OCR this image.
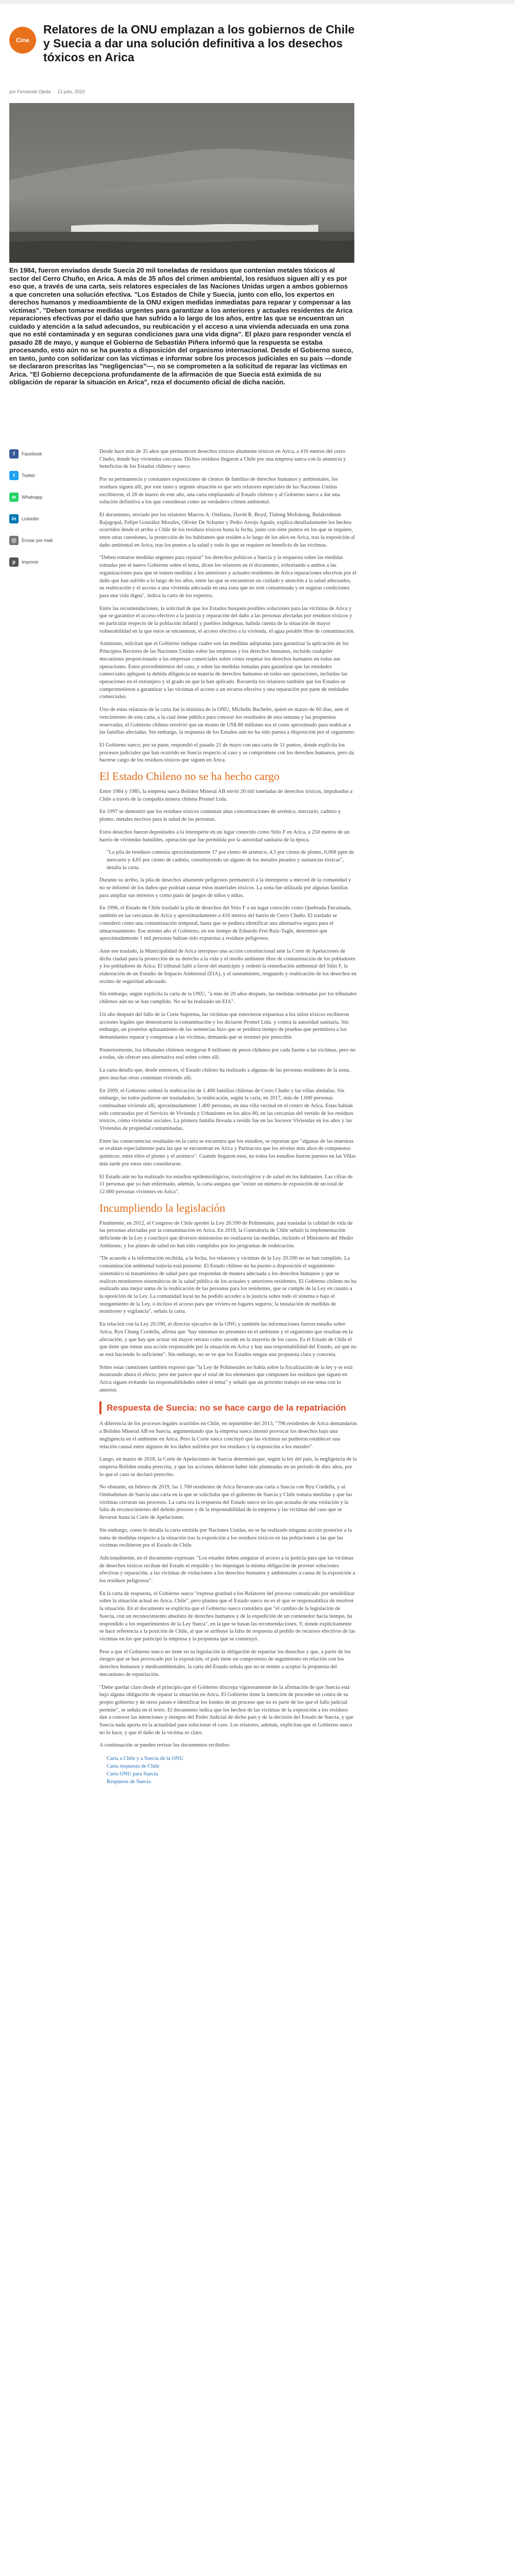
Cine
Relatores de la ONU emplazan a los gobiernos de Chile y Suecia a dar una solución definitiva a los desechos tóxicos en Arica
por Fernanda Ojeda 13 julio, 2020

En 1984, fueron enviados desde Suecia 20 mil toneladas de residuos que contenían metales tóxicos al sector del Cerro Chuño, en Arica. A más de 35 años del crimen ambiental, los residuos siguen allí y es por eso que, a través de una carta, seis relatores especiales de las Naciones Unidas urgen a ambos gobiernos a que concreten una solución efectiva. "Los Estados de Chile y Suecia, junto con ello, los expertos en derechos humanos y medioambiente de la ONU exigen medidas inmediatas para reparar y compensar a las víctimas". "Deben tomarse medidas urgentes para garantizar a los anteriores y actuales residentes de Arica reparaciones efectivas por el daño que han sufrido a lo largo de los años, entre las que se encuentran un cuidado y atención a la salud adecuados, su reubicación y el acceso a una vivienda adecuada en una zona que no esté contaminada y en seguras condiciones para una vida digna". El plazo para responder vencía el pasado 28 de mayo, y aunque el Gobierno de Sebastián Piñera informó que la respuesta se estaba procesando, esto aún no se ha puesto a disposición del organismo internacional. Desde el Gobierno sueco, en tanto, junto con solidarizar con las víctimas e informar sobre los procesos judiciales en su país —donde se declararon prescritas las "negligencias"—, no se comprometen a la solicitud de reparar las víctimas en Arica. "El Gobierno decepciona profundamente de la afirmación de que Suecia está eximida de su obligación de reparar la situación en Arica", reza el documento oficial de dicha nación.

f	Facebook
t	Twitter
w	Whatsapp
in	Linkedin
@	Enviar por mail
p	Imprimir

Desde hace más de 35 años que permanecen desechos tóxicos altamente tóxicos en Arica, a 416 metros del cerro Chuño, donde hay viviendas cercanas. Dichos residuos llegaron a Chile por una empresa sueca con la anuencia y beneficios de los Estados chileno y sueco.

Por su permanencia y constantes exposiciones de cientos de familias de derechos humanos y ambientales, los residuos siguen allí, por este tanto y urgente situación es que seis relatores especiales de las Naciones Unidas escribieron, el 28 de marzo de este año, una carta emplazando al Estado chileno y al Gobierno sueco a dar una solución definitiva a los que consideran como un verdadero crimen ambiental.

El documento, enviado por los relatores Marcos A. Orellana, David R. Boyd, Tlaleng Mofokeng, Balakrishnan Rajagopal, Felipe González Morales, Olivier De Schutter y Pedro Arrojo Agudo, explica detalladamente los hechos ocurridos desde el arribo a Chile de los residuos tóxicos hasta la fecha, junto con siete puntos en los que se requiere, entre otras cuestiones, la protección de los habitantes que residen a lo largo de los años en Arica, tras la exposición al daño ambiental en Arica, tras los puntos a la salud y todo lo que se requiere en beneficio de las víctimas.

"Deben tomarse medidas urgentes para reparar" los derechos políticos a Suecia y la respuesta sobre las medidas tomadas por el nuevo Gobierno sobre el tema, dicen los relatores en el documento, exhortando a ambos a las organizaciones para que se tomen medidas a los anteriores y actuales residentes de Arica reparaciones efectivas por el daño que han sufrido a lo largo de los años, entre las que se encuentran un cuidado y atención a la salud adecuados, su reubicación y el acceso a una vivienda adecuada en una zona que no esté contaminada y en seguras condiciones para una vida digna", indica la carta de los expertos.

Entre las recomendaciones, la solicitud de que los Estados busquen posibles soluciones para las víctimas de Arica y que se garantice el acceso efectivo a la justicia y reparación del daño a las personas afectadas por residuos tóxicos y en particular respecto de la población infantil y pueblos indígenas, habida cuenta de la situación de mayor vulnerabilidad en la que éstos se encuentran, el acceso efectivo a la vivienda, el agua potable libre de contaminación.

Asimismo, solicitan que el Gobierno indique cuáles son las medidas adoptadas para garantizar la aplicación de los Principios Rectores de las Naciones Unidas sobre las empresas y los derechos humanos, incluido cualquier mecanismo proporcionado a las empresas comerciales sobre cómo respetar los derechos humanos en todas sus operaciones. Estos procedimientos del caso, y sobre las medidas tomadas para garantizar que las entidades comerciales apliquen la debida diligencia en materia de derechos humanos en todas sus operaciones, incluidas las operaciones en el extranjero y el grado en que la han aplicado. Recuerda los relatores también que los Estados se comprometieron a garantizar a las víctimas el acceso a un recurso efectivo y una reparación por parte de entidades comerciales.

Uno de estas relatoras de la carta fue la ministra de la ONU, Michelle Bachelet, quien en marzo de 60 días, ante el vencimiento de esta carta, a la cual tiene pública para conocer los resultados de esta semana y las propuestas reservadas, el Gobierno chileno resolvió que un monto de US$ 80 millones era el costo aproximado para reubicar a las familias afectadas. Sin embargo, la respuesta de los Estados aún no ha sido puesta a disposición por el organismo.

El Gobierno sueco, por su parte, respondió el pasado 21 de mayo con una carta de 11 puntos, donde explicita los procesos judiciales que han ocurrido en Suecia respecto al caso y se compromete con los derechos humanos, pero da hacerse cargo de los residuos tóxicos que siguen en Arica.

El Estado Chileno no se ha hecho cargo

Entre 1984 y 1985, la empresa sueca Boliden Mineral AB envió 20 mil toneladas de desechos tóxicos, impulsados a Chile a través de la compañía minera chilena Promel Ltda.

En 1997 se demostró que los residuos tóxicos contenían altas concentraciones de arsénico, mercurio, cadmio y plomo, metales nocivos para la salud de las personas.

Estos desechos fueron depositados a la intemperie en un lugar conocido como Sitio F en Arica, a 250 metros de un barrio de viviendas humildes, operación que fue permitida por la autoridad sanitaria de la época.

"La pila de residuos contenía aproximadamente 17 por ciento de arsénico, 4,5 por ciento de plomo, 0,068 ppm de mercurio y 4,65 por ciento de cadmio, constituyendo un alguno de los metales pesados y sustancias tóxicas", detalla la carta.

Durante su arribo, la pila de desechos altamente peligrosos permaneció a la intemperie a merced de la comunidad y no se informó de los daños que podrían causar estos materiales tóxicos. La zona fue utilizada por algunas familias para ampliar sus terrenos y como patio de juegos de niños y niñas.

En 1996, el Estado de Chile trasladó la pila de desechos del Sitio F a un lugar conocido como Quebrada Encantada, también en las cercanías de Arica y aproximadamente a 416 metros del barrio de Cerro Chuño. El traslado se consideró como una contaminación temporal, hasta que se pudiera identificar una alternativa segura para el almacenamiento. Ese mismo año el Gobierno, en ese tiempo de Eduardo Frei Ruiz-Tagle, determinó que aproximadamente 1 mil personas habían sido expuestas a residuos peligrosos.

Ante ese traslado, la Municipalidad de Arica interpuso una acción constitucional ante la Corte de Apelaciones de dicha ciudad para la protección de su derecho a la vida y el medio ambiente libre de contaminación de los pobladores y los pobladores de Arica. El tribunal falló a favor del municipio y ordenó la remediación ambiental del Sitio F, la elaboración de un Estudio de Impacto Ambiental (EIA), y el saneamiento, resguardo y reubicación de los desechos en recinto de seguridad adecuado.

Sin embargo, según explicita la carta de la ONU, "a más de 20 años después, las medidas ordenadas por los tribunales chilenos aún no se han cumplido. No se ha realizado un EIA".

Un año después del fallo de la Corte Suprema, las víctimas que estuvieron expuestas a los sitios tóxicos recibieron acciones legales que demostraron la contaminación y los dictaron Promel Ltda. y contra la autoridad sanitaria. Sin embargo, un posterior aplazamiento de las sentencias hizo que se perdiera tiempo de pruebas que permitiera a los demandantes reparar y compensar a las víctimas, demanda que se terminó por prescribir.

Posteriormente, los tribunales chilenos otorgaron 8 millones de pesos chilenos por cada fuente a las víctimas, pero no a todas, sin ofrecer una alternativa real sobre cómo allí.

La carta detalla que, desde entonces, el Estado chileno ha realizado a algunas de las personas residentes de la zona, pero muchas otras continúan viviendo allí.

En 2009, el Gobierno ordenó la reubicación de 1.400 familias chilenas de Cerro Chuño y las villas aledañas. Sin embargo, no todos pudieron ser trasladados; la reubicación, según la carta, en 2017, más de 1.000 personas continuaban viviendo allí, aproximadamente 1.400 personas, en una villa vecinal en el centro de Arica. Estas habían sido contratadas por el Servicio de Vivienda y Urbanismo en los años 80, en las cercanías del vertido de los residuos tóxicos, cómo viviendas sociales. La primera familia llevada a residir fue en las Sucesor Viviendas en los años y las Viviendas de propiedad contaminadas.

Entre las consecuencias resaltadas en la carta se encuentra que los estudios, se reportan que "algunas de las muestras se evalúan especialmente para las que se encuentran en Arica y Parinacota que los niveles más altos de compuestos químicos, entre ellos el plomo y el arsénico". Cuando llegaron esos, no todos los estudios fueron puestos en las Villas más tarde por estos sino considerarse.

El Estado aún no ha realizado los estudios epidemiológicos, toxicológicos y de salud en los habitantes. Las cifras de 11 personas que ya han enfermado, además, la carta asegura que "existe un número de exposición de un total de 12.000 personas vivientes en Arica".

Incumpliendo la legislación

Finalmente, en 2012, el Congreso de Chile aprobó la Ley 20.590 de Polimetales, para trasladar la calidad de vida de las personas afectadas por la contaminación en Arica. En 2018, la Contraloría de Chile señaló la implementación deficiente de la Ley y concluyó que diversos ministerios no realizaron las medidas, incluido el Ministerio del Medio Ambiente, y los planes de salud no han sido cumplidos por los programas de reubicación.

"De acuerdo a la información recibida, a la fecha, los relatores y víctimas de la Ley 20.590 no se han cumplido. La contaminación ambiental todavía está presente. El Estado chileno no ha puesto a disposición el seguimiento sistemático ni tratamientos de salud para que respondan de manera adecuada a los derechos humanos y que se realicen monitoreos sistemáticos de la salud pública de los actuales y anteriores residentes. El Gobierno chileno no ha realizado una mejor suma de la reubicación de las personas para los residentes, que se cumple de la Ley en cuanto a la oposición de la Ley. La comunidad local no ha podido acceder a la justicia sobre todo el sistema o bajo el otorgamiento de la Ley, o incluso el acceso para que viviera en lugares seguros; la instalación de medidas de monitoreo y vigilancia", señala la carta.

En relación con la Ley 20.590, el director ejecutivo de la ONG y también las informaciones fueron estudio sobre Arica, Ryu Chung Cordella, afirma que "hay síntomas no presentes en el ambiente y el organismo que resultan en la afectación, y que hay que actuar sin mayor retraso como sucede en la mayoría de los casos. Es el Estado de Chile el que tiene que tomar una acción responsable por la situación en Arica y hay una responsabilidad del Estado, así que no se está haciendo lo suficiente". Sin embargo, no se ve que los Estados tengan una propuesta clara y concreta.

Sobre estas cuestiones también expresó que "la Ley de Polimetales no habla sobre la fiscalización de la ley y se está mostrando ahora el efecto, pero me parece que el total de los elementos que componen los residuos que siguen en Arica siguen evitando las responsabilidades sobre el tema" y señaló que un próximo trabajo en ese tema con lo anterior.

Respuesta de Suecia: no se hace cargo de la repatriación

A diferencia de los procesos legales ocurridos en Chile, en septiembre del 2013, "796 residentes de Arica demandaron a Boliden Mineral AB en Suecia, argumentando que la empresa sueca intentó provocar los desechos bajo una negligencia en el ambiente en Arica. Pero la Corte sueca concluyó que las víctimas no pudieron establecer una relación causal entre algunos de los daños sufridos por los residuos y la exposición a los metales".

Luego, en marzo de 2018, la Corte de Apelaciones de Suecia determinó que, según la ley del país, la negligencia de la empresa Boliden estaba prescrita, y que las acciones debieron haber sido planteadas en un período de diez años, por lo que el caso se declaró prescrito.

No obstante, en febrero de 2019, las 1.700 residentes de Arica llevaron una carta a Suecia con Ryu Cordella, y al Ombudsman de Suecia una carta en la que se solicitaba que el gobierno de Suecia y Chile tomara medidas y que las víctimas cerraran sus procesos. La carta era la respuesta del Estado sueco en los que acusaba de una violación y la falta de reconocimiento del debido proceso y de la responsabilidad de la empresa y las víctimas del caso que se llevaron hasta la Corte de Apelaciones.

Sin embargo, como lo detalla la carta emitida por Naciones Unidas, no se ha realizado ninguna acción posterior a la toma de medidas respecto a la situación tras la exposición a los residuos tóxicos en las poblaciones a las que las víctimas recibieron por el Estado de Chile.

Adicionalmente, en el documento expresan: "Los estados deben asegurar el acceso a la justicia para que las víctimas de desechos tóxicos reciban del Estado el respaldo y les impongan la misma obligación de proveer soluciones efectivas y reparación, a las víctimas de violaciones a los derechos humanos y ambientales a causa de la exposición a los residuos peligrosos".

En la carta de respuesta, el Gobierno sueco "expresa gratitud a los Relatores del proceso comunicado por sensibilizar sobre la situación actual en Arica, Chile", pero plantea que el Estado sueco no es el que se responsabiliza de resolver la situación. En el documento se explicita que el Gobierno sueco considera que "el cambio de la legislación de Suecia, con un reconocimiento absoluto de derechos humanos y de la expedición de un contenedor hacia tiempo, ha respondido a los requerimientos de la Ley Sueca", en la que se basan las recomendaciones. Y, donde explícitamente se hace referencia a la posición de Chile, al que se atribuye la falta de respuesta al pedido de recursos efectivos de las víctimas en los que participó la empresa y la propuesta que se construyó.

Pese a que el Gobierno sueco no tiene en su legislación la obligación de repatriar los desechos y que, a partir de los riesgos que se han provocado por la exposición, el país tiene un compromiso de seguimiento en relación con los derechos humanos y medioambientales, la carta del Estado señala que no se remite a aceptar la propuesta del mecanismo de repatriación.

"Debe quedar claro desde el principio que el Gobierno discrepa vigorosamente de la afirmación de que Suecia está bajo alguna obligación de reparar la situación en Arica. El Gobierno tiene la intención de proceder en contra de su propio gobierno y de otros países e identificar los fondos de un proceso que no es parte de los que el fallo judicial permite", se señala en el texto. El documento indica que los hechos de las víctimas de la exposición a los residuos dan a conocer las intenciones y tiempos del Poder Judicial de dicho país y de la decisión del Estado de Suecia, y que Suecia nada aporta en la actualidad para solucionar el caso. Los relatores, además, explicitan que el Gobierno sueco no lo hace, y que el daño de la víctima es claro.

A continuación se pueden revisar los documentos recibidos:

Carta a Chile y a Suecia de la ONU
Carta respuesta de Chile
Carta ONU para Suecia
Respuesta de Suecia
